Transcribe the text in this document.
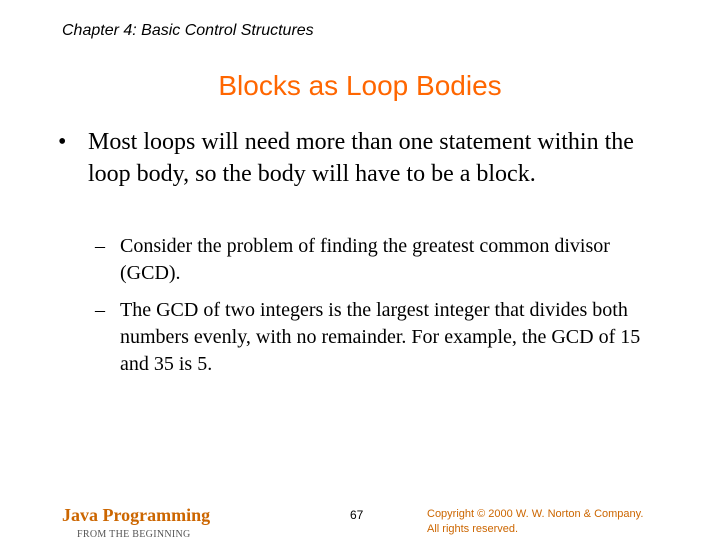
Chapter 4: Basic Control Structures
Blocks as Loop Bodies
• Most loops will need more than one statement within the loop body, so the body will have to be a block.
– Consider the problem of finding the greatest common divisor (GCD).
– The GCD of two integers is the largest integer that divides both numbers evenly, with no remainder. For example, the GCD of 15 and 35 is 5.
Java Programming
FROM THE BEGINNING
67	Copyright © 2000 W. W. Norton & Company.
All rights reserved.
